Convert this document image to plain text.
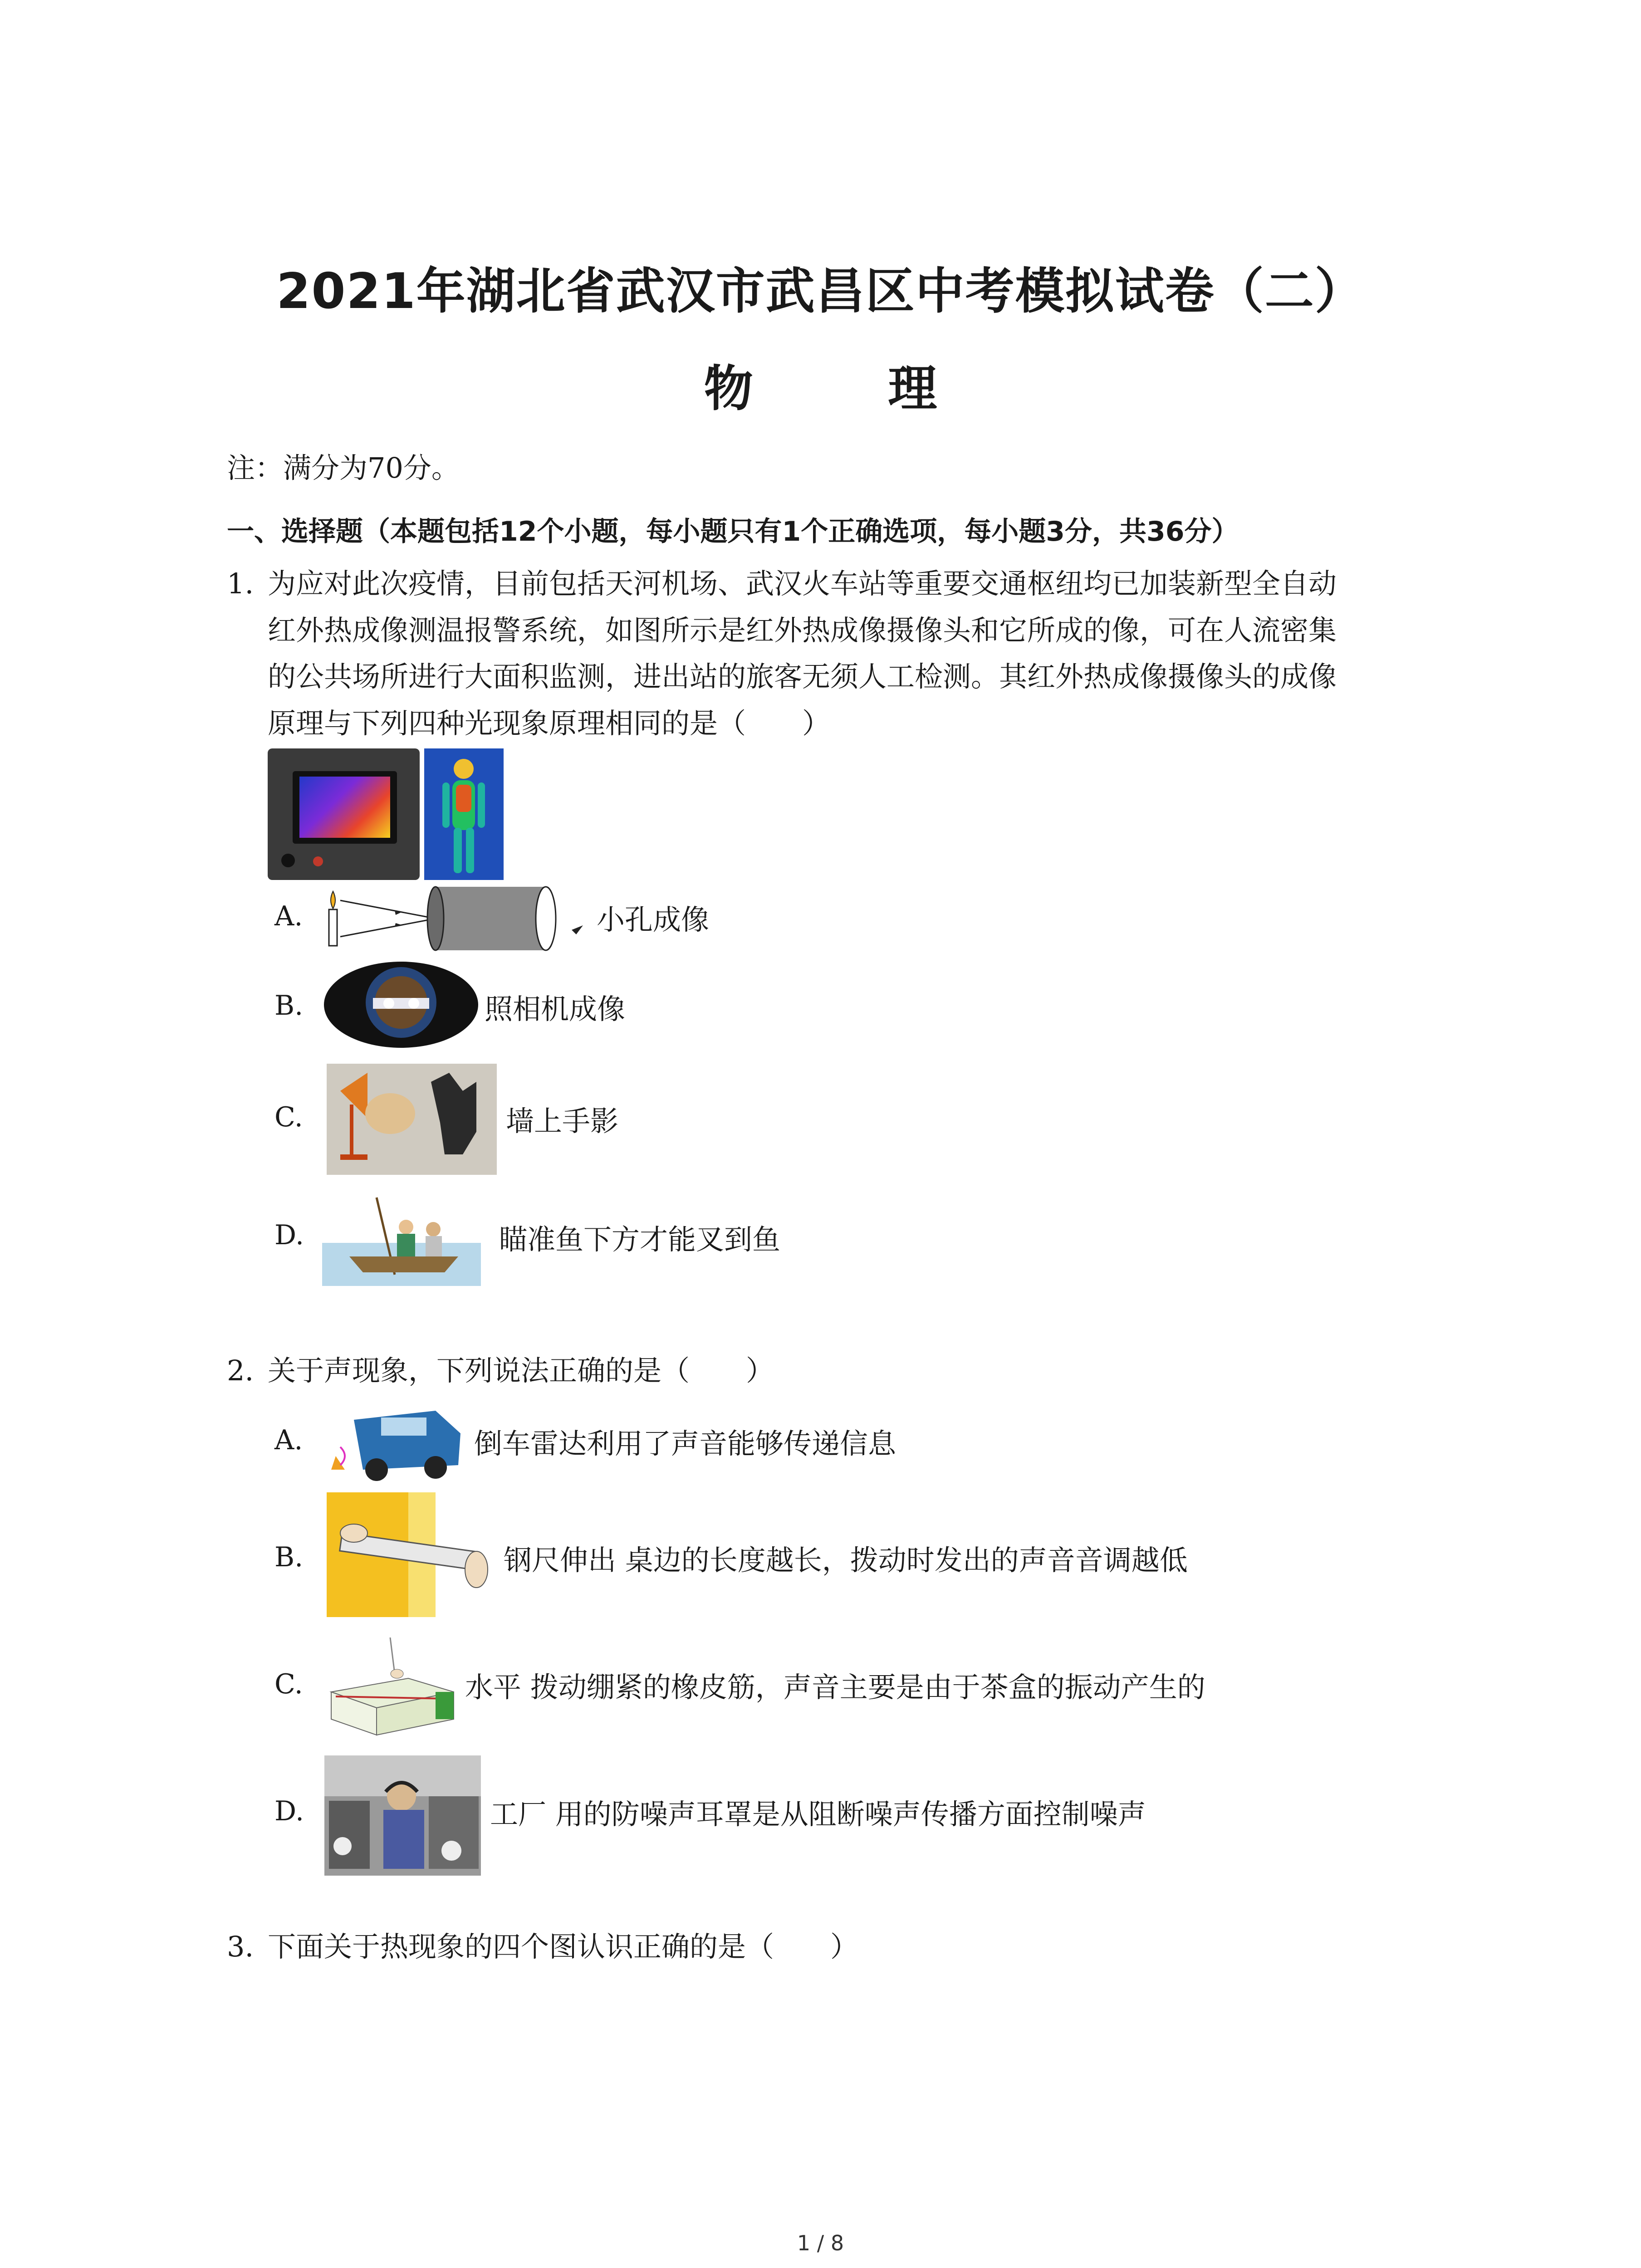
2021年湖北省武汉市武昌区中考模拟试卷（二）
物 理
注：满分为70分。
一、选择题（本题包括12个小题，每小题只有1个正确选项，每小题3分，共36分）
1. 为应对此次疫情，目前包括天河机场、武汉火车站等重要交通枢纽均已加装新型全自动
红外热成像测温报警系统，如图所示是红外热成像摄像头和它所成的像，可在人流密集
的公共场所进行大面积监测，进出站的旅客无须人工检测。其红外热成像摄像头的成像
原理与下列四种光现象原理相同的是（　　）
A.	小孔成像
B.	照相机成像
C.	墙上手影
D.	瞄准鱼下方才能叉到鱼
2. 关于声现象，下列说法正确的是（　　）
A.	倒车雷达利用了声音能够传递信息
B.	钢尺伸出 桌边的长度越长，拨动时发出的声音音调越低
C.	水平 拨动绷紧的橡皮筋，声音主要是由于茶盒的振动产生的
D.	工厂 用的防噪声耳罩是从阻断噪声传播方面控制噪声
3. 下面关于热现象的四个图认识正确的是（　　）
1 / 8
